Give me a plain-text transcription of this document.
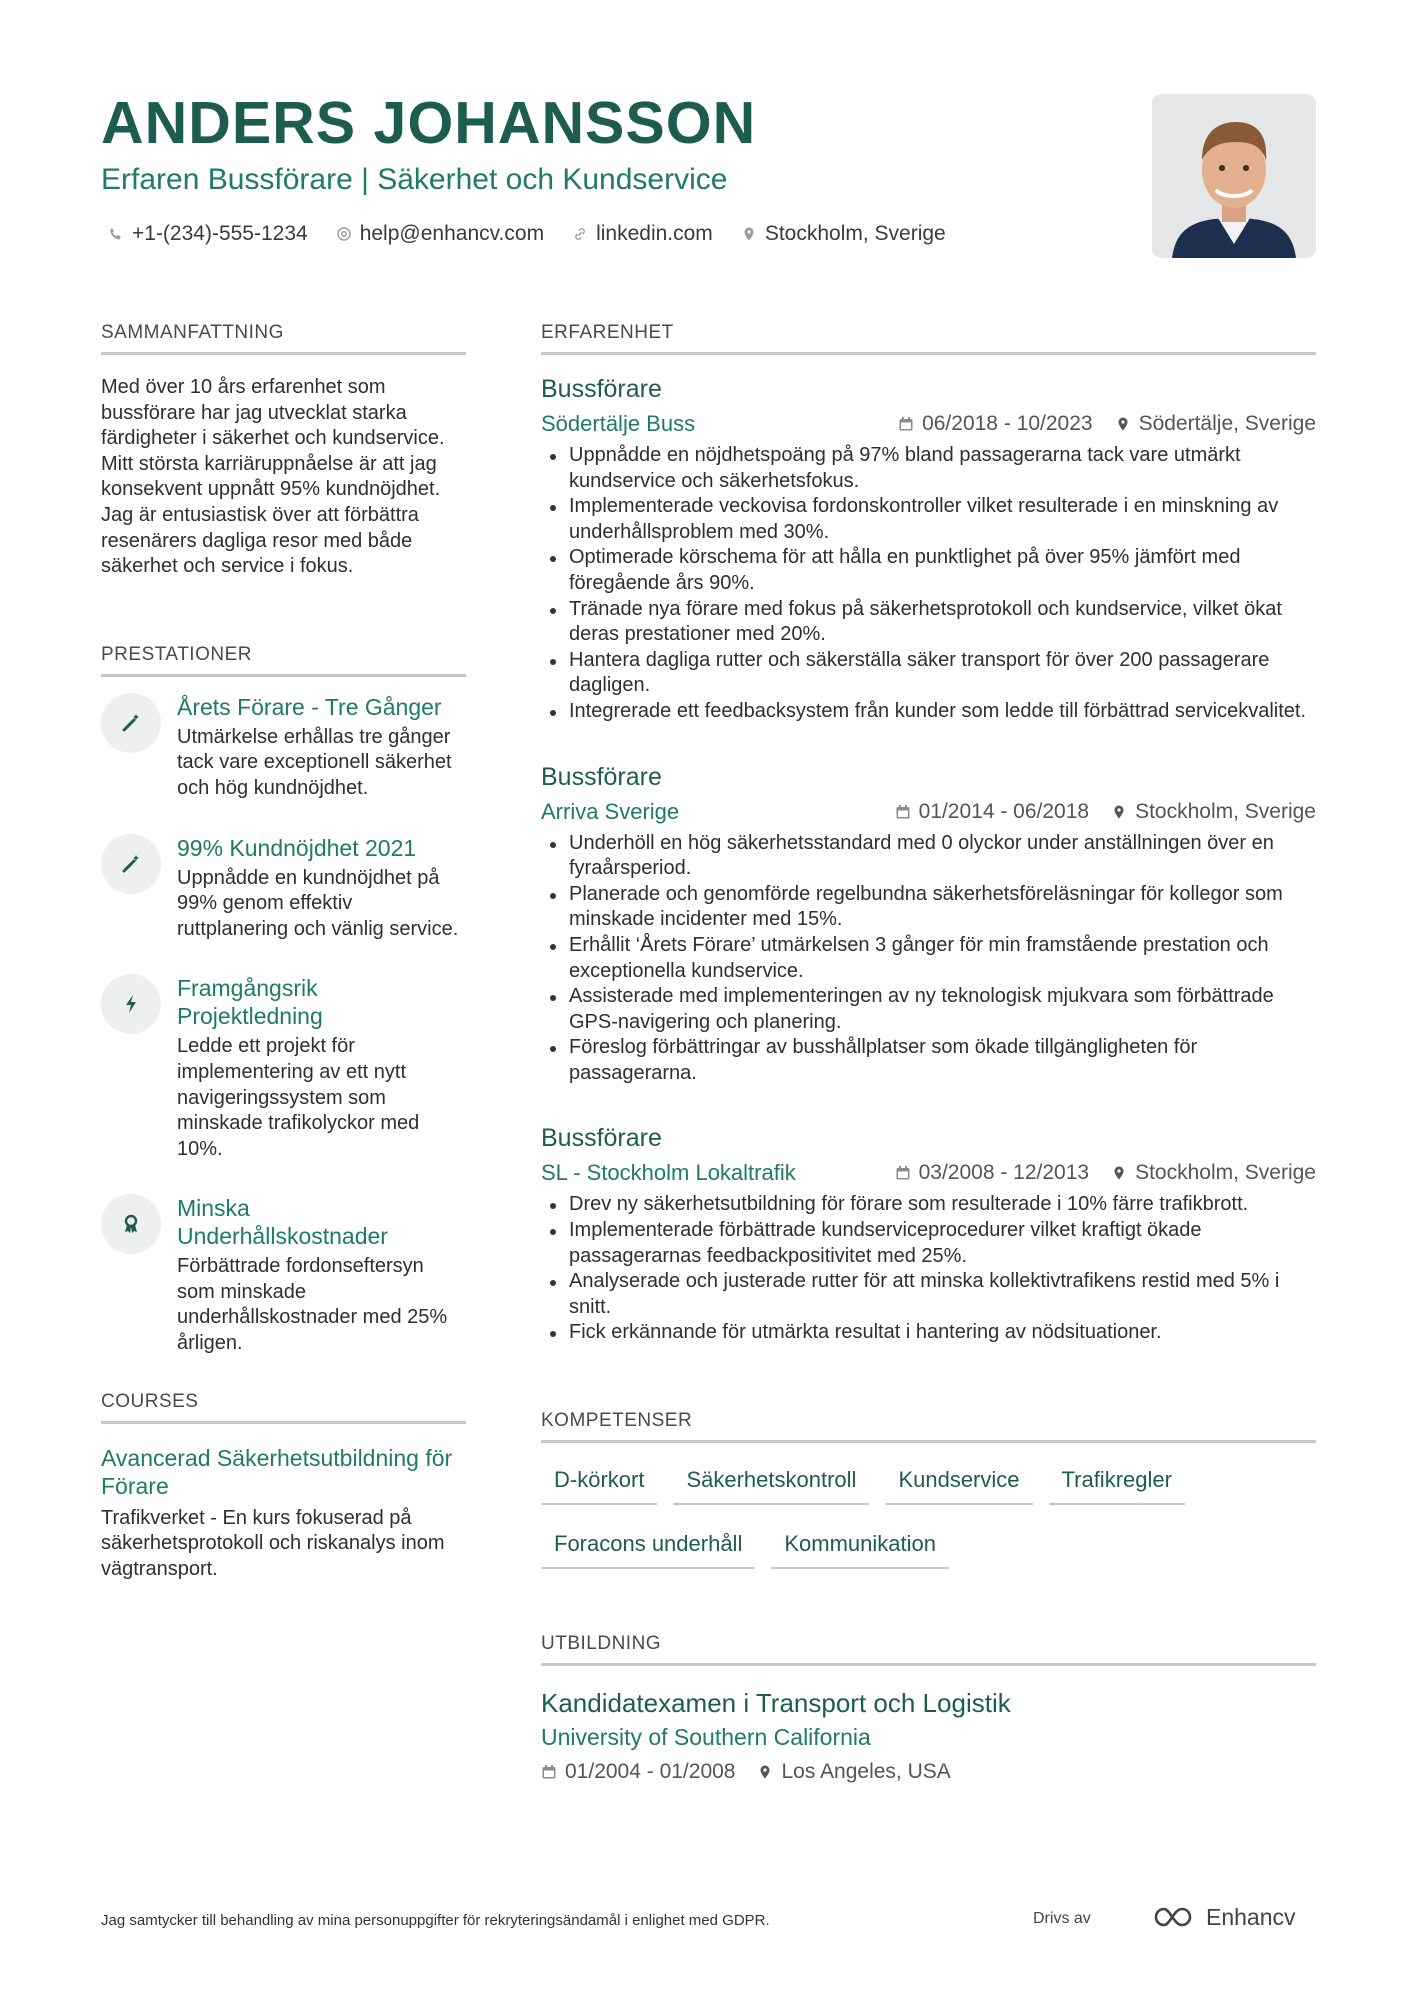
ANDERS JOHANSSON
Erfaren Bussförare | Säkerhet och Kundservice
+1-(234)-555-1234 help@enhancv.com linkedin.com Stockholm, Sverige
SAMMANFATTNING

Med över 10 års erfarenhet som bussförare har jag utvecklat starka färdigheter i säkerhet och kundservice. Mitt största karriäruppnåelse är att jag konsekvent uppnått 95% kundnöjdhet. Jag är entusiastisk över att förbättra resenärers dagliga resor med både säkerhet och service i fokus.

PRESTATIONER
Årets Förare - Tre Gånger
Utmärkelse erhållas tre gånger tack vare exceptionell säkerhet och hög kundnöjdhet.
99% Kundnöjdhet 2021
Uppnådde en kundnöjdhet på 99% genom effektiv ruttplanering och vänlig service.
Framgångsrik Projektledning
Ledde ett projekt för implementering av ett nytt navigeringssystem som minskade trafikolyckor med 10%.
Minska Underhållskostnader
Förbättrade fordonseftersyn som minskade underhållskostnader med 25% årligen.
COURSES
Avancerad Säkerhetsutbildning för Förare
Trafikverket - En kurs fokuserad på säkerhetsprotokoll och riskanalys inom vägtransport.
ERFARENHET
Bussförare
Södertälje Buss	06/2018 - 10/2023 Södertälje, Sverige
Uppnådde en nöjdhetspoäng på 97% bland passagerarna tack vare utmärkt kundservice och säkerhetsfokus.
Implementerade veckovisa fordonskontroller vilket resulterade i en minskning av underhållsproblem med 30%.
Optimerade körschema för att hålla en punktlighet på över 95% jämfört med föregående års 90%.
Tränade nya förare med fokus på säkerhetsprotokoll och kundservice, vilket ökat deras prestationer med 20%.
Hantera dagliga rutter och säkerställa säker transport för över 200 passagerare dagligen.
Integrerade ett feedbacksystem från kunder som ledde till förbättrad servicekvalitet.
Bussförare
Arriva Sverige	01/2014 - 06/2018 Stockholm, Sverige
Underhöll en hög säkerhetsstandard med 0 olyckor under anställningen över en fyraårsperiod.
Planerade och genomförde regelbundna säkerhetsföreläsningar för kollegor som minskade incidenter med 15%.
Erhållit ‘Årets Förare’ utmärkelsen 3 gånger för min framstående prestation och exceptionella kundservice.
Assisterade med implementeringen av ny teknologisk mjukvara som förbättrade GPS-navigering och planering.
Föreslog förbättringar av busshållplatser som ökade tillgängligheten för passagerarna.
Bussförare
SL - Stockholm Lokaltrafik	03/2008 - 12/2013 Stockholm, Sverige
Drev ny säkerhetsutbildning för förare som resulterade i 10% färre trafikbrott.
Implementerade förbättrade kundserviceprocedurer vilket kraftigt ökade passagerarnas feedbackpositivitet med 25%.
Analyserade och justerade rutter för att minska kollektivtrafikens restid med 5% i snitt.
Fick erkännande för utmärkta resultat i hantering av nödsituationer.
KOMPETENSER
D-körkort	Säkerhetskontroll	Kundservice	Trafikregler
Foracons underhåll	Kommunikation
UTBILDNING
Kandidatexamen i Transport och Logistik
University of Southern California
01/2004 - 01/2008 Los Angeles, USA
Jag samtycker till behandling av mina personuppgifter för rekryteringsändamål i enlighet med GDPR.	Drivs av	Enhancv
